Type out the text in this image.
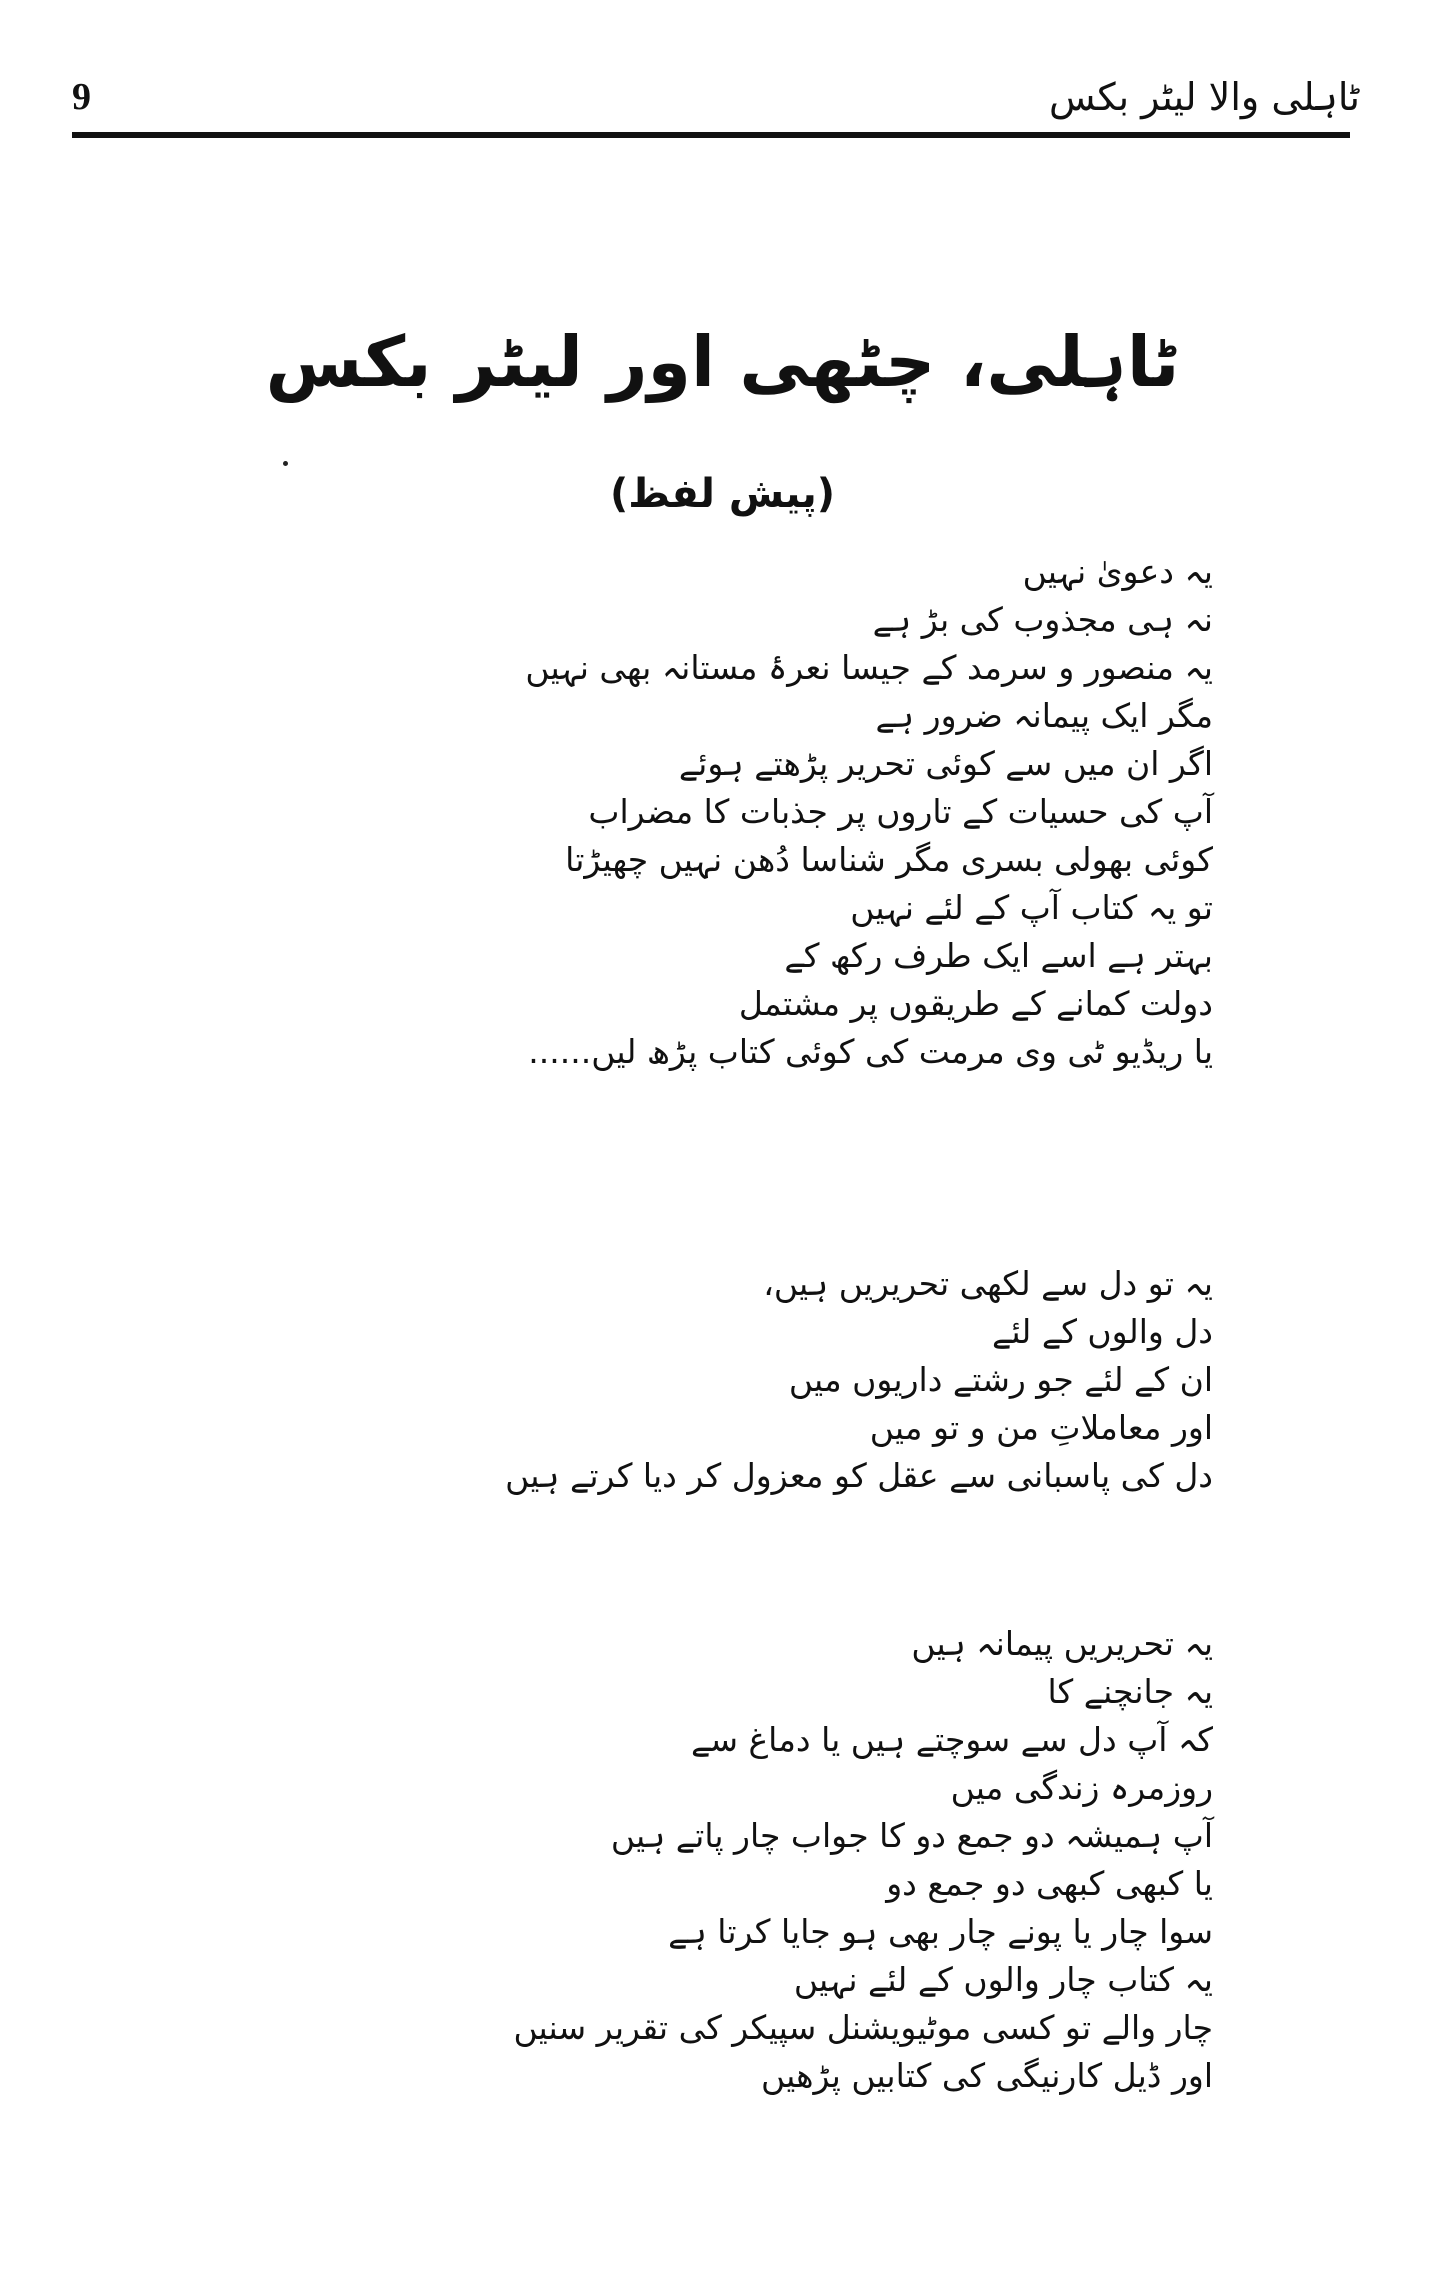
9	ٹاہلی والا لیٹر بکس
ٹاہلی، چٹھی اور لیٹر بکس
(پیش لفظ)
یہ دعویٰ نہیں
نہ ہی مجذوب کی بڑ ہے
یہ منصور و سرمد کے جیسا نعرۂ مستانہ بھی نہیں
مگر ایک پیمانہ ضرور ہے
اگر ان میں سے کوئی تحریر پڑھتے ہوئے
آپ کی حسیات کے تاروں پر جذبات کا مضراب
کوئی بھولی بسری مگر شناسا دُھن نہیں چھیڑتا
تو یہ کتاب آپ کے لئے نہیں
بہتر ہے اسے ایک طرف رکھ کے
دولت کمانے کے طریقوں پر مشتمل
یا ریڈیو ٹی وی مرمت کی کوئی کتاب پڑھ لیں......
یہ تو دل سے لکھی تحریریں ہیں،
دل والوں کے لئے
ان کے لئے جو رشتے داریوں میں
اور معاملاتِ من و تو میں
دل کی پاسبانی سے عقل کو معزول کر دیا کرتے ہیں
یہ تحریریں پیمانہ ہیں
یہ جانچنے کا
کہ آپ دل سے سوچتے ہیں یا دماغ سے
روزمرہ زندگی میں
آپ ہمیشہ دو جمع دو کا جواب چار پاتے ہیں
یا کبھی کبھی دو جمع دو
سوا چار یا پونے چار بھی ہو جایا کرتا ہے
یہ کتاب چار والوں کے لئے نہیں
چار والے تو کسی موٹیویشنل سپیکر کی تقریر سنیں
اور ڈیل کارنیگی کی کتابیں پڑھیں
